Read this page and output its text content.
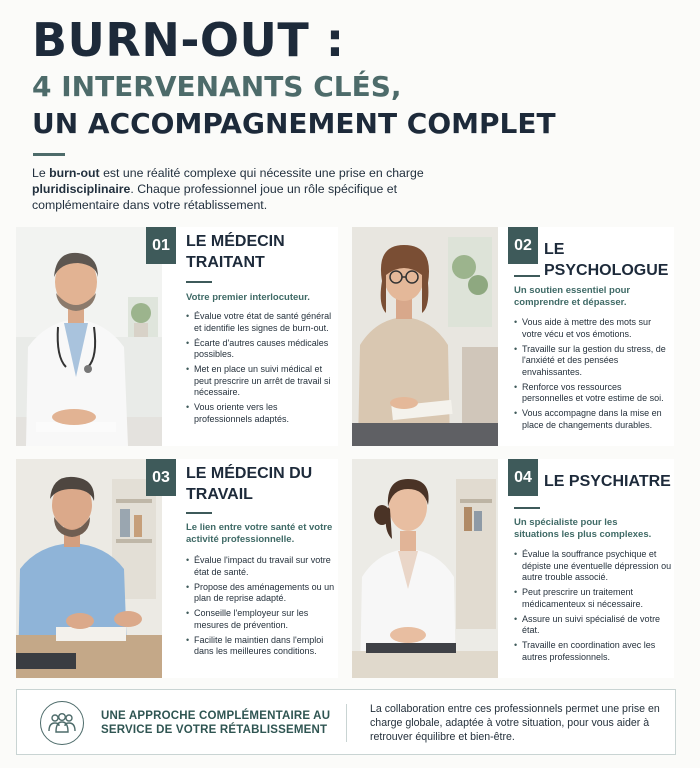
BURN-OUT :
4 INTERVENANTS CLÉS,
UN ACCOMPAGNEMENT COMPLET

Le burn-out est une réalité complexe qui nécessite une prise en charge pluridisciplinaire. Chaque professionnel joue un rôle spécifique et complémentaire dans votre rétablissement.

01	LE MÉDECIN TRAITANT
Votre premier interlocuteur.
• Évalue votre état de santé général et identifie les signes de burn-out.
• Écarte d'autres causes médicales possibles.
• Met en place un suivi médical et peut prescrire un arrêt de travail si nécessaire.
• Vous oriente vers les professionnels adaptés.
02 LE PSYCHOLOGUE
Un soutien essentiel pour comprendre et dépasser.
• Vous aide à mettre des mots sur votre vécu et vos émotions.
• Travaille sur la gestion du stress, de l'anxiété et des pensées envahissantes.
• Renforce vos ressources personnelles et votre estime de soi.
• Vous accompagne dans la mise en place de changements durables.
03	LE MÉDECIN DU TRAVAIL
Le lien entre votre santé et votre activité professionnelle.
• Évalue l'impact du travail sur votre état de santé.
• Propose des aménagements ou un plan de reprise adapté.
• Conseille l'employeur sur les mesures de prévention.
• Facilite le maintien dans l'emploi dans les meilleures conditions.
04 LE PSYCHIATRE
Un spécialiste pour les situations les plus complexes.
• Évalue la souffrance psychique et dépiste une éventuelle dépression ou autre trouble associé.
• Peut prescrire un traitement médicamenteux si nécessaire.
• Assure un suivi spécialisé de votre état.
• Travaille en coordination avec les autres professionnels.
UNE APPROCHE COMPLÉMENTAIRE AU SERVICE DE VOTRE RÉTABLISSEMENT
La collaboration entre ces professionnels permet une prise en charge globale, adaptée à votre situation, pour vous aider à retrouver équilibre et bien-être.
